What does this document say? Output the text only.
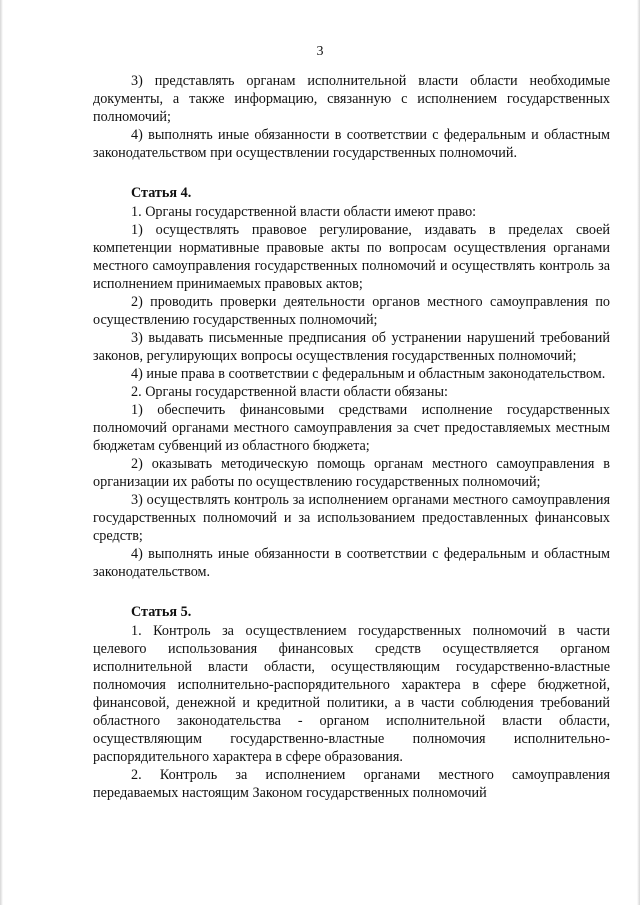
3

3) представлять органам исполнительной власти области необходимые документы, а также информацию, связанную с исполнением государственных полномочий;

4) выполнять иные обязанности в соответствии с федеральным и областным законодательством при осуществлении государственных полномочий.

Статья 4.

1. Органы государственной власти области имеют право:

1) осуществлять правовое регулирование, издавать в пределах своей компетенции нормативные правовые акты по вопросам осуществления органами местного самоуправления государственных полномочий и осуществлять контроль за исполнением принимаемых правовых актов;

2) проводить проверки деятельности органов местного самоуправления по осуществлению государственных полномочий;

3) выдавать письменные предписания об устранении нарушений требований законов, регулирующих вопросы осуществления государственных полномочий;

4) иные права в соответствии с федеральным и областным законодательством.

2. Органы государственной власти области обязаны:

1) обеспечить финансовыми средствами исполнение государственных полномочий органами местного самоуправления за счет предоставляемых местным бюджетам субвенций из областного бюджета;

2) оказывать методическую помощь органам местного самоуправления в организации их работы по осуществлению государственных полномочий;

3) осуществлять контроль за исполнением органами местного самоуправления государственных полномочий и за использованием предоставленных финансовых средств;

4) выполнять иные обязанности в соответствии с федеральным и областным законодательством.

Статья 5.

1. Контроль за осуществлением государственных полномочий в части целевого использования финансовых средств осуществляется органом исполнительной власти области, осуществляющим государственно-властные полномочия исполнительно-распорядительного характера в сфере бюджетной, финансовой, денежной и кредитной политики, а в части соблюдения требований областного законодательства - органом исполнительной власти области, осуществляющим государственно-властные полномочия исполнительно-распорядительного характера в сфере образования.

2. Контроль за исполнением органами местного самоуправления передаваемых настоящим Законом государственных полномочий
